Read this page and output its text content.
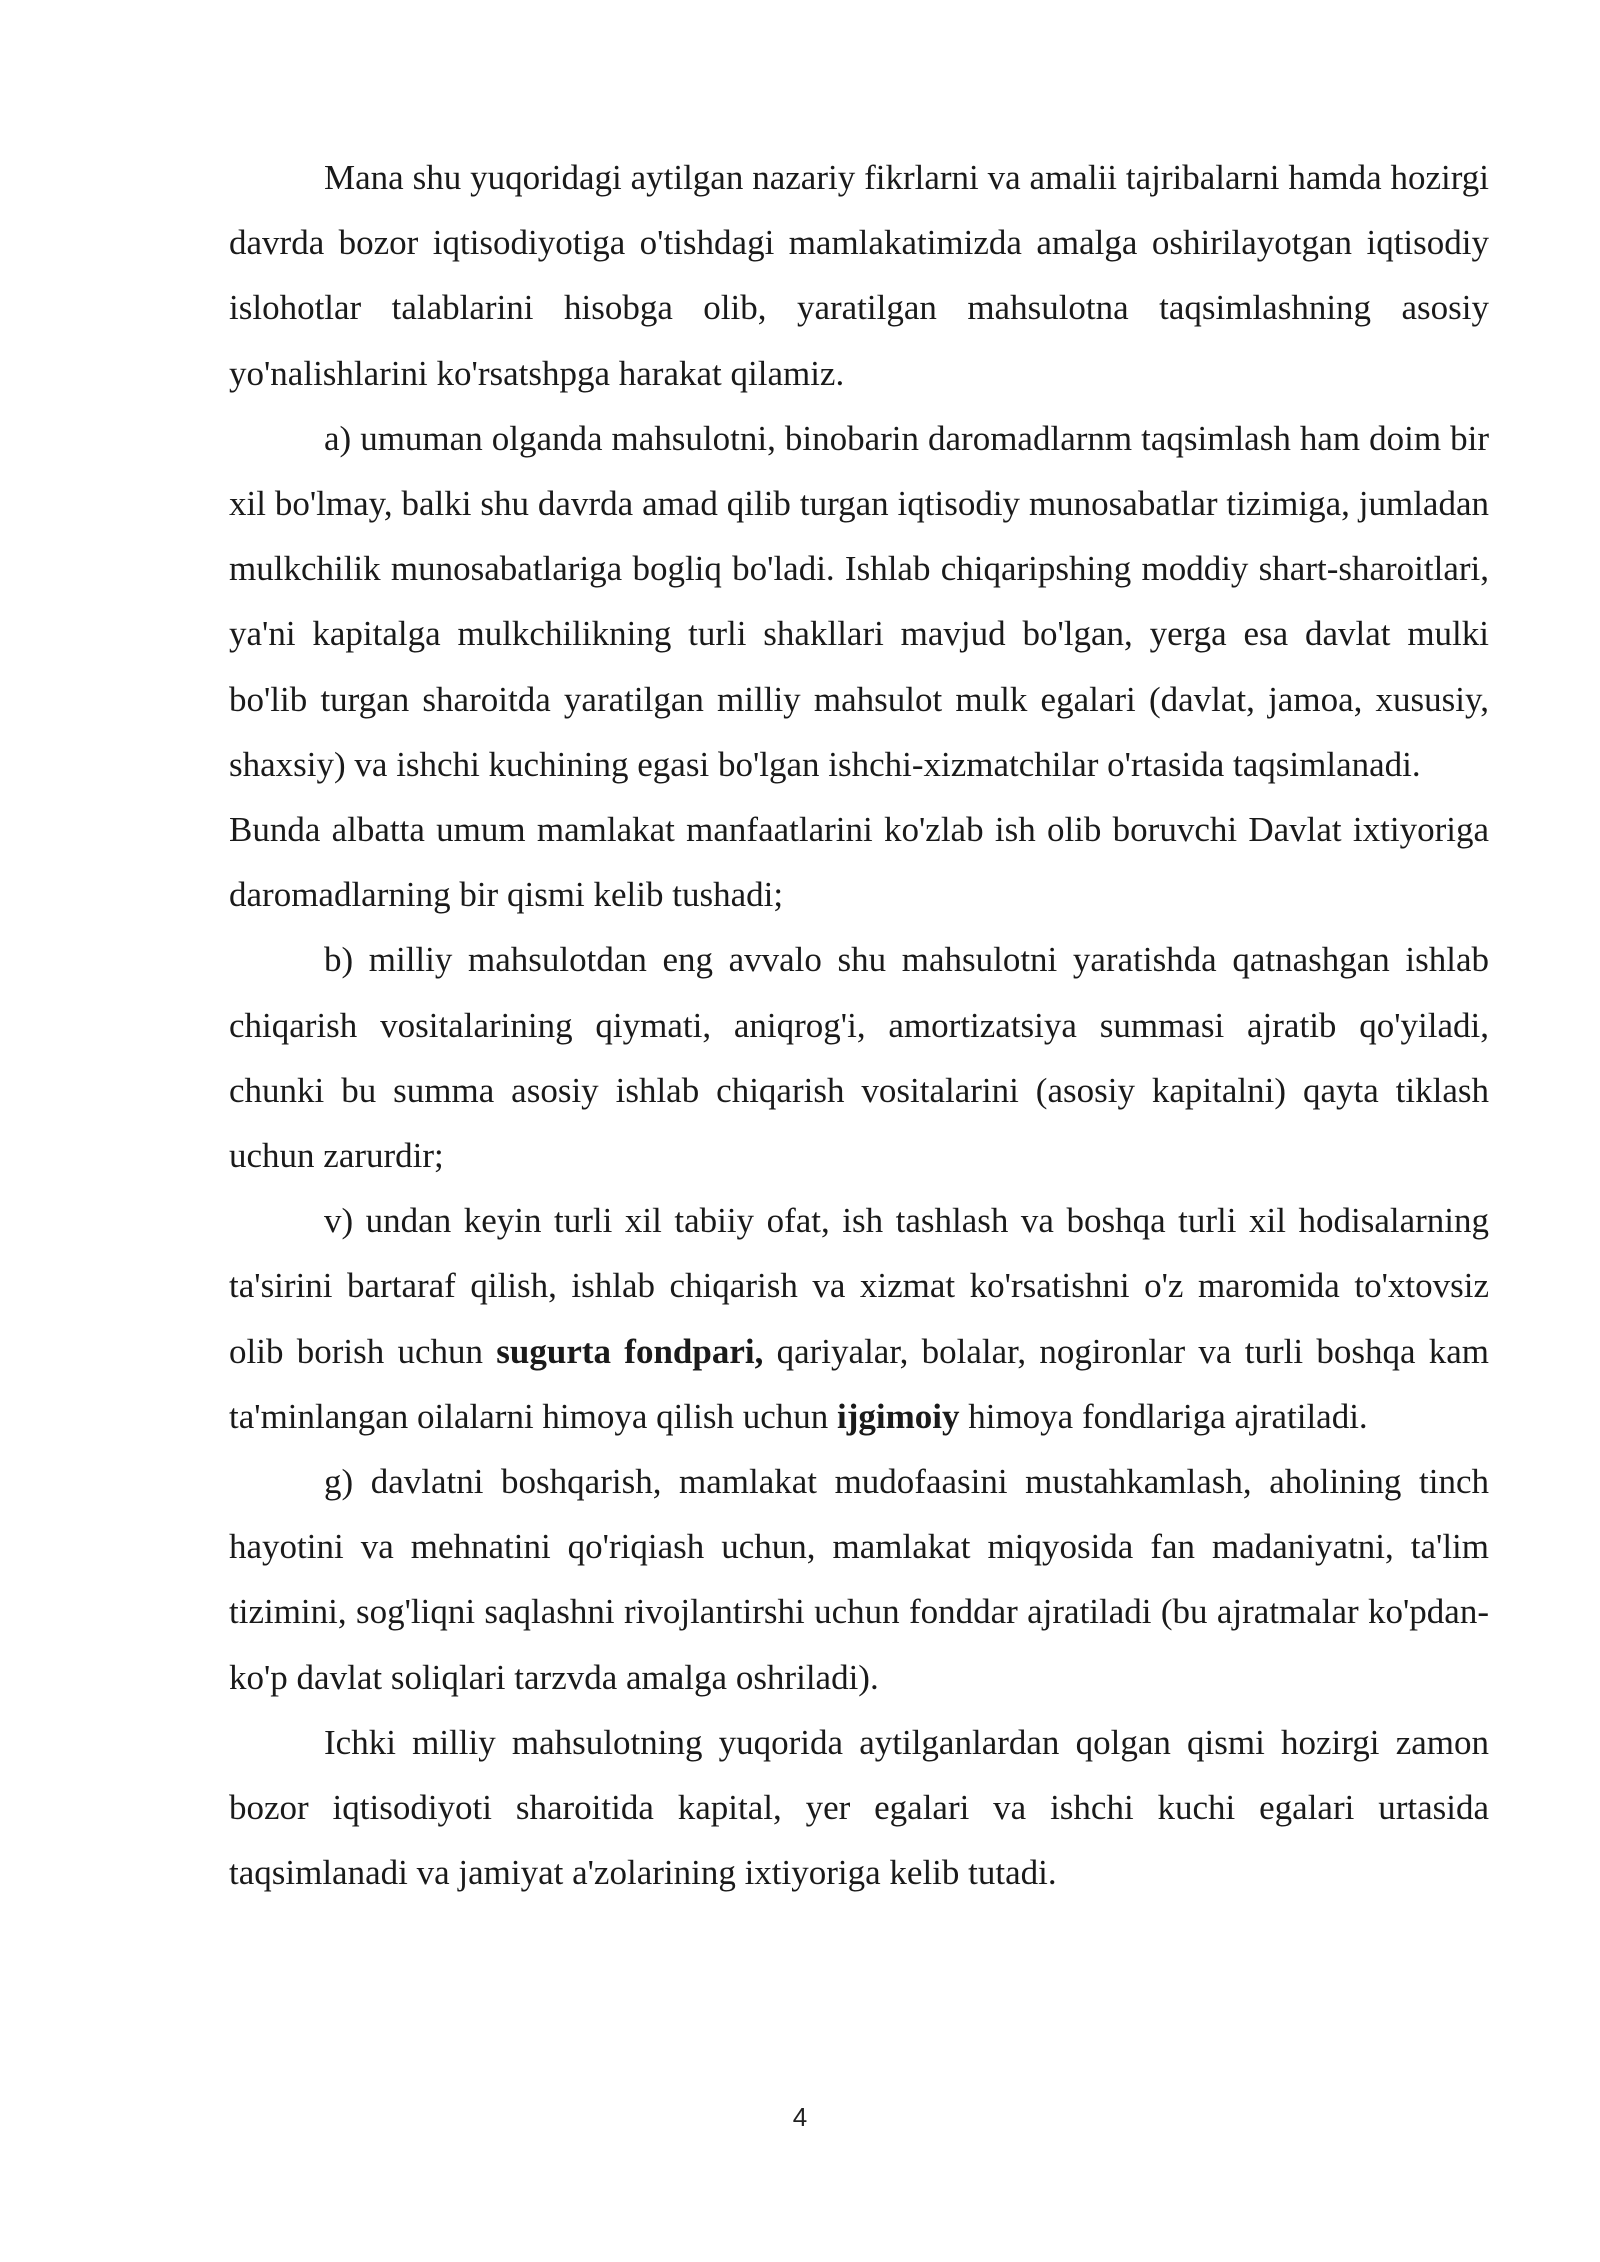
Mana shu yuqoridagi aytilgan nazariy fikrlarni va amalii tajribalarni hamda hozirgi davrda bozor iqtisodiyotiga o'tishdagi mamlakatimizda amalga oshirilayotgan iqtisodiy islohotlar talablarini hisobga olib, yaratilgan mahsulotna taqsimlashning asosiy yo'nalishlarini ko'rsatshpga harakat qilamiz.

a) umuman olganda mahsulotni, binobarin daromadlarnm taqsimlash ham doim bir xil bo'lmay, balki shu davrda amad qilib turgan iqtisodiy munosabatlar tizimiga, jumladan mulkchilik munosabatlariga bogliq bo'ladi. Ishlab chiqaripshing moddiy shart-sharoitlari, ya'ni kapitalga mulkchilikning turli shakllari mavjud bo'lgan, yerga esa davlat mulki bo'lib turgan sharoitda yaratilgan milliy mahsulot mulk egalari (davlat, jamoa, xususiy, shaxsiy) va ishchi kuchining egasi bo'lgan ishchi-xizmatchilar o'rtasida taqsimlanadi.

Bunda albatta umum mamlakat manfaatlarini ko'zlab ish olib boruvchi Davlat ixtiyoriga daromadlarning bir qismi kelib tushadi;

b) milliy mahsulotdan eng avvalo shu mahsulotni yaratishda qatnashgan ishlab chiqarish vositalarining qiymati, aniqrog'i, amortizatsiya summasi ajratib qo'yiladi, chunki bu summa asosiy ishlab chiqarish vositalarini (asosiy kapitalni) qayta tiklash uchun zarurdir;

v) undan keyin turli xil tabiiy ofat, ish tashlash va boshqa turli xil hodisalarning ta'sirini bartaraf qilish, ishlab chiqarish va xizmat ko'rsatishni o'z maromida to'xtovsiz olib borish uchun sugurta fondpari, qariyalar, bolalar, nogironlar va turli boshqa kam ta'minlangan oilalarni himoya qilish uchun ijgimoiy himoya fondlariga ajratiladi.

g) davlatni boshqarish, mamlakat mudofaasini mustahkamlash, aholining tinch hayotini va mehnatini qo'riqiash uchun, mamlakat miqyosida fan madaniyatni, ta'lim tizimini, sog'liqni saqlashni rivojlantirshi uchun fonddar ajratiladi (bu ajratmalar ko'pdan-ko'p davlat soliqlari tarzvda amalga oshriladi).

Ichki milliy mahsulotning yuqorida aytilganlardan qolgan qismi hozirgi zamon bozor iqtisodiyoti sharoitida kapital, yer egalari va ishchi kuchi egalari urtasida taqsimlanadi va jamiyat a'zolarining ixtiyoriga kelib tutadi.

4
